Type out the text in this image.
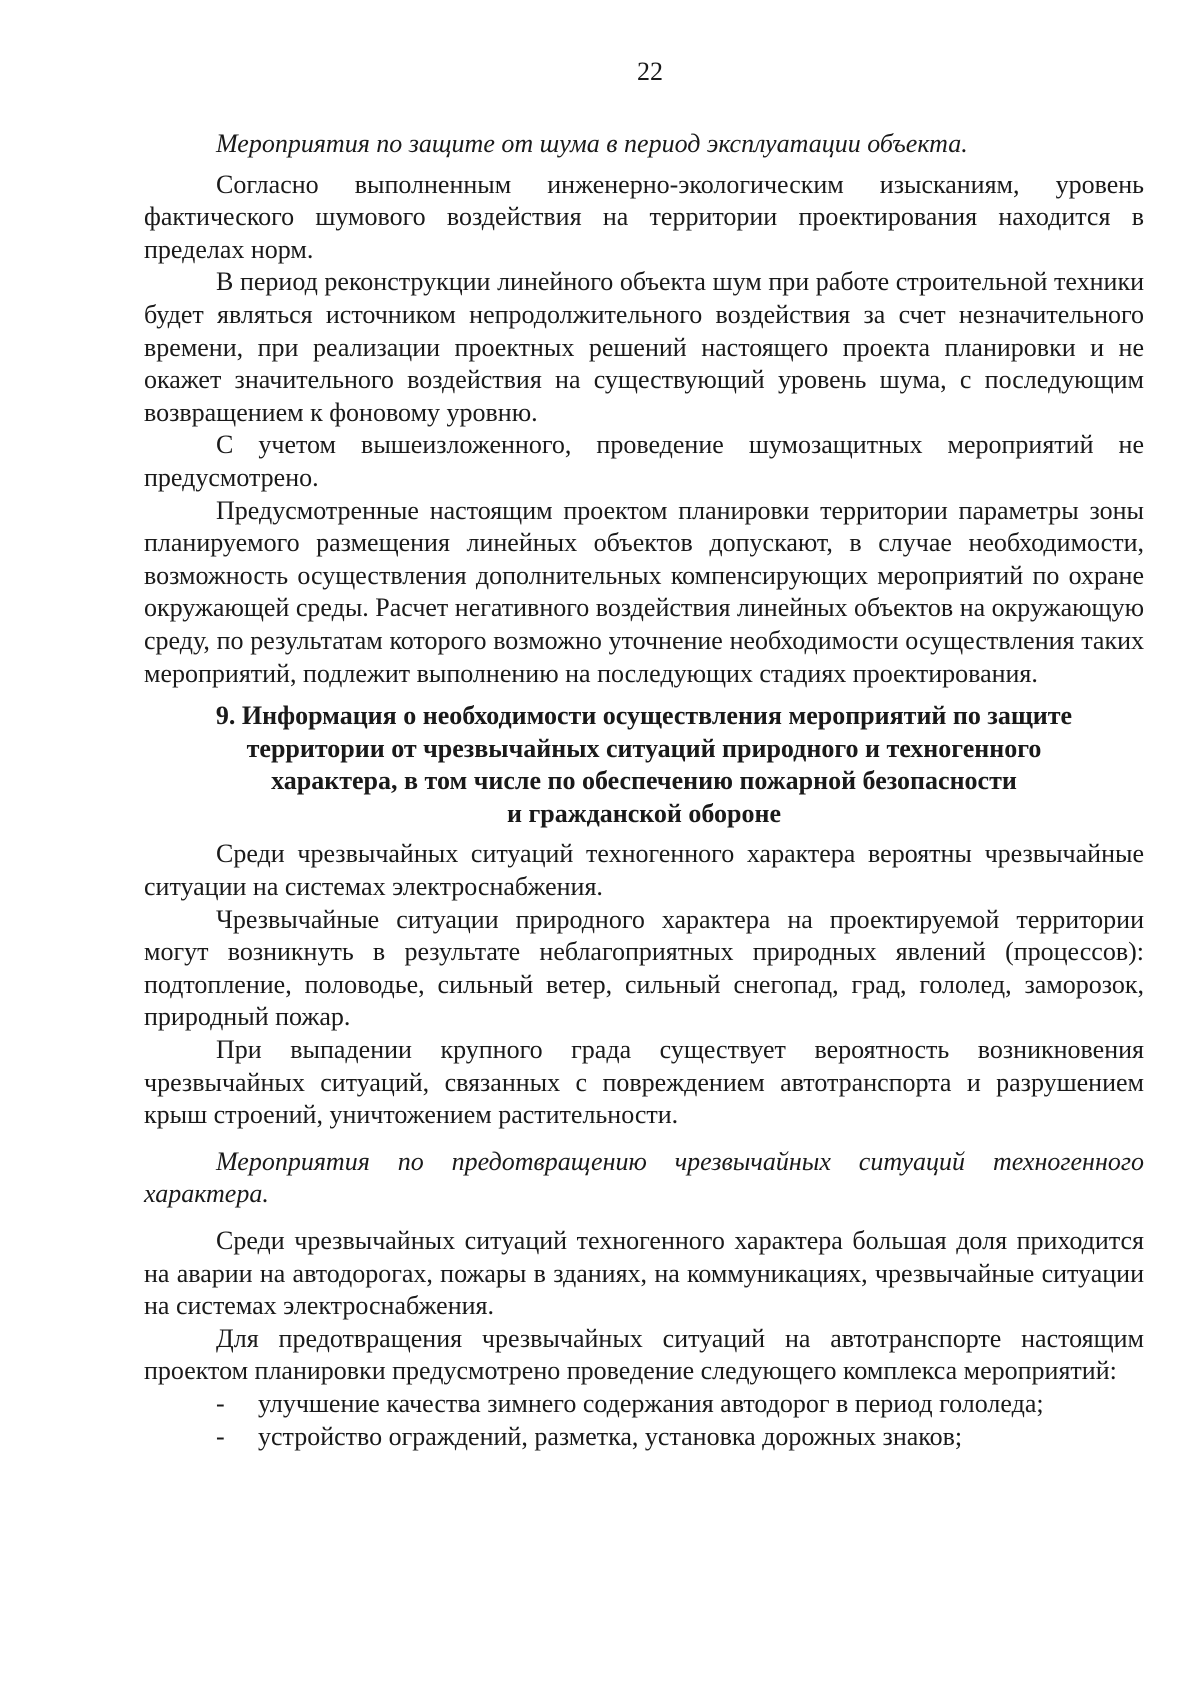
22

Мероприятия по защите от шума в период эксплуатации объекта.

Согласно выполненным инженерно-экологическим изысканиям, уровень фактического шумового воздействия на территории проектирования находится в пределах норм.

В период реконструкции линейного объекта шум при работе строительной техники будет являться источником непродолжительного воздействия за счет незначительного времени, при реализации проектных решений настоящего проекта планировки и не окажет значительного воздействия на существующий уровень шума, с последующим возвращением к фоновому уровню.

С учетом вышеизложенного, проведение шумозащитных мероприятий не предусмотрено.

Предусмотренные настоящим проектом планировки территории параметры зоны планируемого размещения линейных объектов допускают, в случае необходимости, возможность осуществления дополнительных компенсирующих мероприятий по охране окружающей среды. Расчет негативного воздействия линейных объектов на окружающую среду, по результатам которого возможно уточнение необходимости осуществления таких мероприятий, подлежит выполнению на последующих стадиях проектирования.

9. Информация о необходимости осуществления мероприятий по защите
территории от чрезвычайных ситуаций природного и техногенного
характера, в том числе по обеспечению пожарной безопасности
и гражданской обороне

Среди чрезвычайных ситуаций техногенного характера вероятны чрезвычайные ситуации на системах электроснабжения.

Чрезвычайные ситуации природного характера на проектируемой территории могут возникнуть в результате неблагоприятных природных явлений (процессов): подтопление, половодье, сильный ветер, сильный снегопад, град, гололед, заморозок, природный пожар.

При выпадении крупного града существует вероятность возникновения чрезвычайных ситуаций, связанных с повреждением автотранспорта и разрушением крыш строений, уничтожением растительности.

Мероприятия по предотвращению чрезвычайных ситуаций техногенного характера.

Среди чрезвычайных ситуаций техногенного характера большая доля приходится на аварии на автодорогах, пожары в зданиях, на коммуникациях, чрезвычайные ситуации на системах электроснабжения.

Для предотвращения чрезвычайных ситуаций на автотранспорте настоящим проектом планировки предусмотрено проведение следующего комплекса мероприятий:

- улучшение качества зимнего содержания автодорог в период гололеда;
- устройство ограждений, разметка, установка дорожных знаков;
